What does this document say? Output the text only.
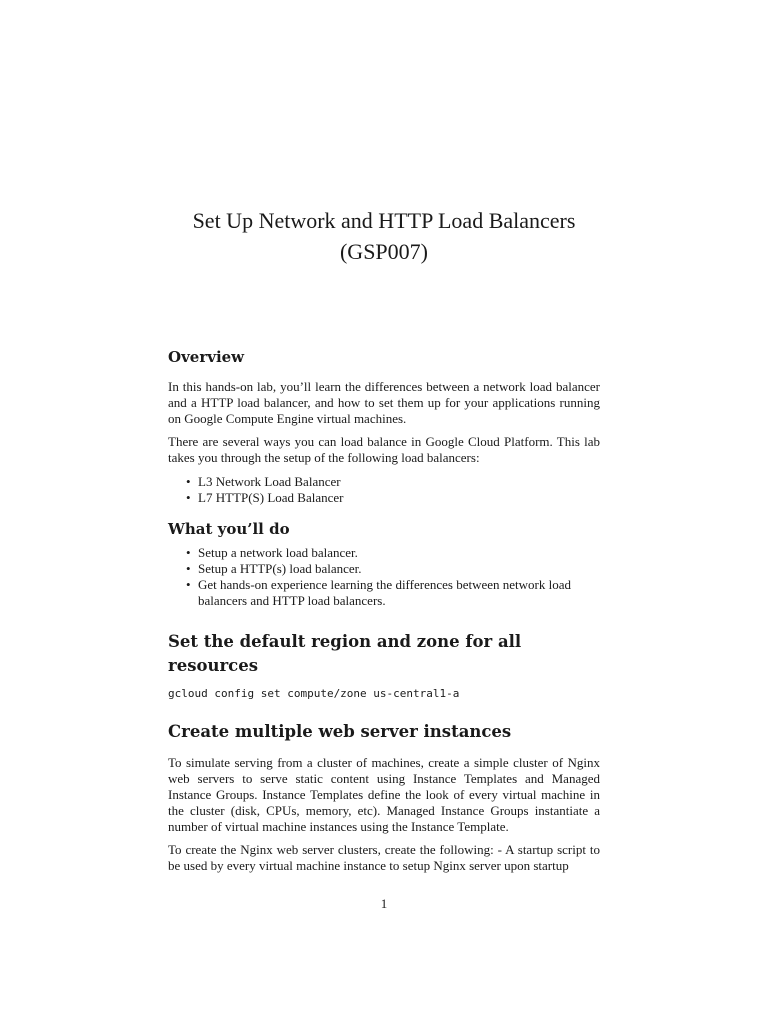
Set Up Network and HTTP Load Balancers
(GSP007)
Overview

In this hands-on lab, you’ll learn the differences between a network load balancer and a HTTP load balancer, and how to set them up for your applications running on Google Compute Engine virtual machines.

There are several ways you can load balance in Google Cloud Platform. This lab takes you through the setup of the following load balancers:

• L3 Network Load Balancer
• L7 HTTP(S) Load Balancer
What you’ll do
• Setup a network load balancer.
• Setup a HTTP(s) load balancer.
• Get hands-on experience learning the differences between network load balancers and HTTP load balancers.
Set the default region and zone for all resources
gcloud config set compute/zone us-central1-a
Create multiple web server instances

To simulate serving from a cluster of machines, create a simple cluster of Nginx web servers to serve static content using Instance Templates and Managed Instance Groups. Instance Templates define the look of every virtual machine in the cluster (disk, CPUs, memory, etc). Managed Instance Groups instantiate a number of virtual machine instances using the Instance Template.

To create the Nginx web server clusters, create the following: - A startup script to be used by every virtual machine instance to setup Nginx server upon startup

1
